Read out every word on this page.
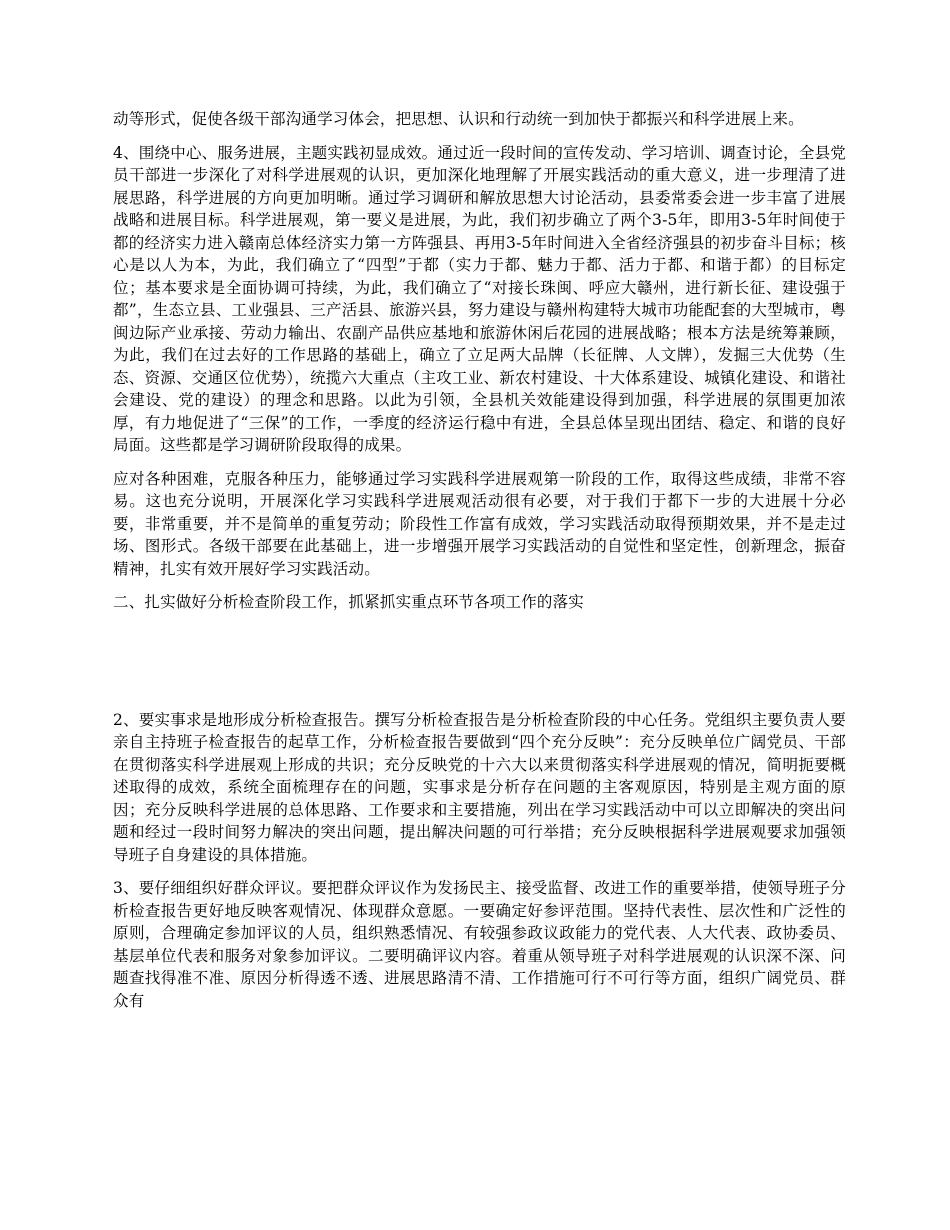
动等形式，促使各级干部沟通学习体会，把思想、认识和行动统一到加快于都振兴和科学进展上来。

4、围绕中心、服务进展，主题实践初显成效。通过近一段时间的宣传发动、学习培训、调查讨论，全县党员干部进一步深化了对科学进展观的认识，更加深化地理解了开展实践活动的重大意义，进一步理清了进展思路，科学进展的方向更加明晰。通过学习调研和解放思想大讨论活动，县委常委会进一步丰富了进展战略和进展目标。科学进展观，第一要义是进展，为此，我们初步确立了两个3-5年，即用3-5年时间使于都的经济实力进入赣南总体经济实力第一方阵强县、再用3-5年时间进入全省经济强县的初步奋斗目标；核心是以人为本，为此，我们确立了“四型”于都（实力于都、魅力于都、活力于都、和谐于都）的目标定位；基本要求是全面协调可持续，为此，我们确立了“对接长珠闽、呼应大赣州，进行新长征、建设强于都”，生态立县、工业强县、三产活县、旅游兴县，努力建设与赣州构建特大城市功能配套的大型城市，粤闽边际产业承接、劳动力输出、农副产品供应基地和旅游休闲后花园的进展战略；根本方法是统筹兼顾，为此，我们在过去好的工作思路的基础上，确立了立足两大品牌（长征牌、人文牌），发掘三大优势（生态、资源、交通区位优势），统揽六大重点（主攻工业、新农村建设、十大体系建设、城镇化建设、和谐社会建设、党的建设）的理念和思路。以此为引领，全县机关效能建设得到加强，科学进展的氛围更加浓厚，有力地促进了“三保”的工作，一季度的经济运行稳中有进，全县总体呈现出团结、稳定、和谐的良好局面。这些都是学习调研阶段取得的成果。

应对各种困难，克服各种压力，能够通过学习实践科学进展观第一阶段的工作，取得这些成绩，非常不容易。这也充分说明，开展深化学习实践科学进展观活动很有必要，对于我们于都下一步的大进展十分必要，非常重要，并不是简单的重复劳动；阶段性工作富有成效，学习实践活动取得预期效果，并不是走过场、图形式。各级干部要在此基础上，进一步增强开展学习实践活动的自觉性和坚定性，创新理念，振奋精神，扎实有效开展好学习实践活动。

二、扎实做好分析检查阶段工作，抓紧抓实重点环节各项工作的落实

2、要实事求是地形成分析检查报告。撰写分析检查报告是分析检查阶段的中心任务。党组织主要负责人要亲自主持班子检查报告的起草工作，分析检查报告要做到“四个充分反映”：充分反映单位广阔党员、干部在贯彻落实科学进展观上形成的共识；充分反映党的十六大以来贯彻落实科学进展观的情况，简明扼要概述取得的成效，系统全面梳理存在的问题，实事求是分析存在问题的主客观原因，特别是主观方面的原因；充分反映科学进展的总体思路、工作要求和主要措施，列出在学习实践活动中可以立即解决的突出问题和经过一段时间努力解决的突出问题，提出解决问题的可行举措；充分反映根据科学进展观要求加强领导班子自身建设的具体措施。

3、要仔细组织好群众评议。要把群众评议作为发扬民主、接受监督、改进工作的重要举措，使领导班子分析检查报告更好地反映客观情况、体现群众意愿。一要确定好参评范围。坚持代表性、层次性和广泛性的原则，合理确定参加评议的人员，组织熟悉情况、有较强参政议政能力的党代表、人大代表、政协委员、基层单位代表和服务对象参加评议。二要明确评议内容。着重从领导班子对科学进展观的认识深不深、问题查找得准不准、原因分析得透不透、进展思路清不清、工作措施可行不可行等方面，组织广阔党员、群众有
